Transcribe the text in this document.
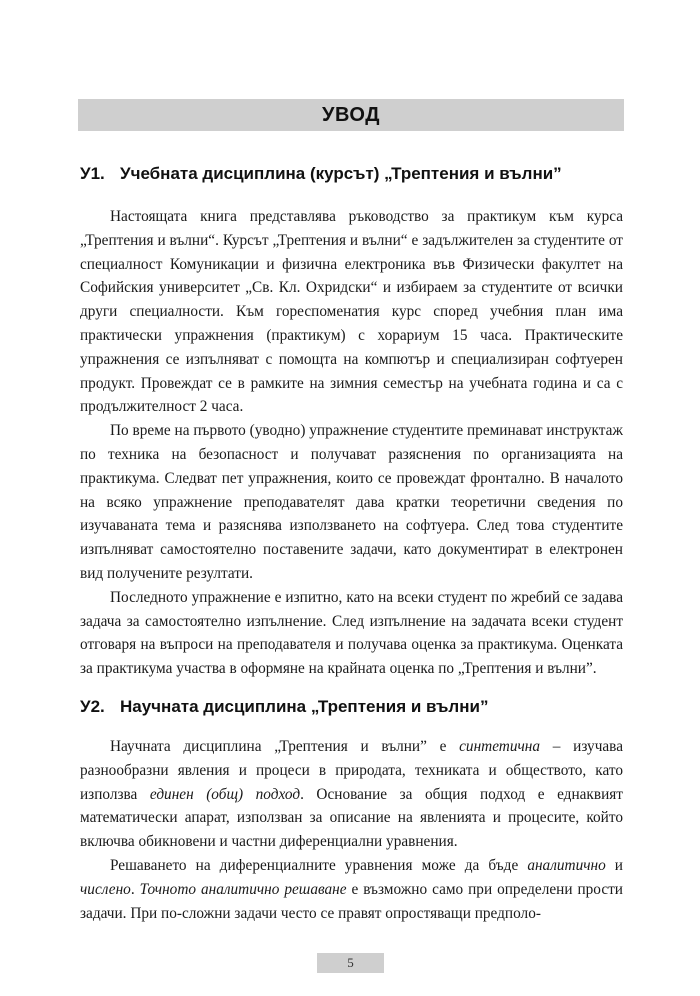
УВОД
У1. Учебната дисциплина (курсът) „Трептения и вълни”

Настоящата книга представлява ръководство за практикум към курса „Трептения и вълни“. Курсът „Трептения и вълни“ е задължителен за студентите от специалност Комуникации и физична електроника във Физически факултет на Софийския университет „Св. Кл. Охридски“ и избираем за студентите от всички други специалности. Към гореспоменатия курс според учебния план има практически упражнения (практикум) с хорариум 15 часа. Практическите упражнения се изпълняват с помощта на компютър и специализиран софтуерен продукт. Провеждат се в рамките на зимния семестър на учебната година и са с продължителност 2 часа.

По време на първото (уводно) упражнение студентите преминават инструктаж по техника на безопасност и получават разяснения по организацията на практикума. Следват пет упражнения, които се провеждат фронтално. В началото на всяко упражнение преподавателят дава кратки теоретични сведения по изучаваната тема и разяснява използването на софтуера. След това студентите изпълняват самостоятелно поставените задачи, като документират в електронен вид получените резултати.

Последното упражнение е изпитно, като на всеки студент по жребий се задава задача за самостоятелно изпълнение. След изпълнение на задачата всеки студент отговаря на въпроси на преподавателя и получава оценка за практикума. Оценката за практикума участва в оформяне на крайната оценка по „Трептения и вълни”.

У2. Научната дисциплина „Трептения и вълни”

Научната дисциплина „Трептения и вълни” е синтетична – изучава разнообразни явления и процеси в природата, техниката и обществото, като използва единен (общ) подход. Основание за общия подход е еднаквият математически апарат, използван за описание на явленията и процесите, който включва обикновени и частни диференциални уравнения.

Решаването на диференциалните уравнения може да бъде аналитично и числено. Точното аналитично решаване е възможно само при определени прости задачи. При по-сложни задачи често се правят опростяващи предполо-

5
